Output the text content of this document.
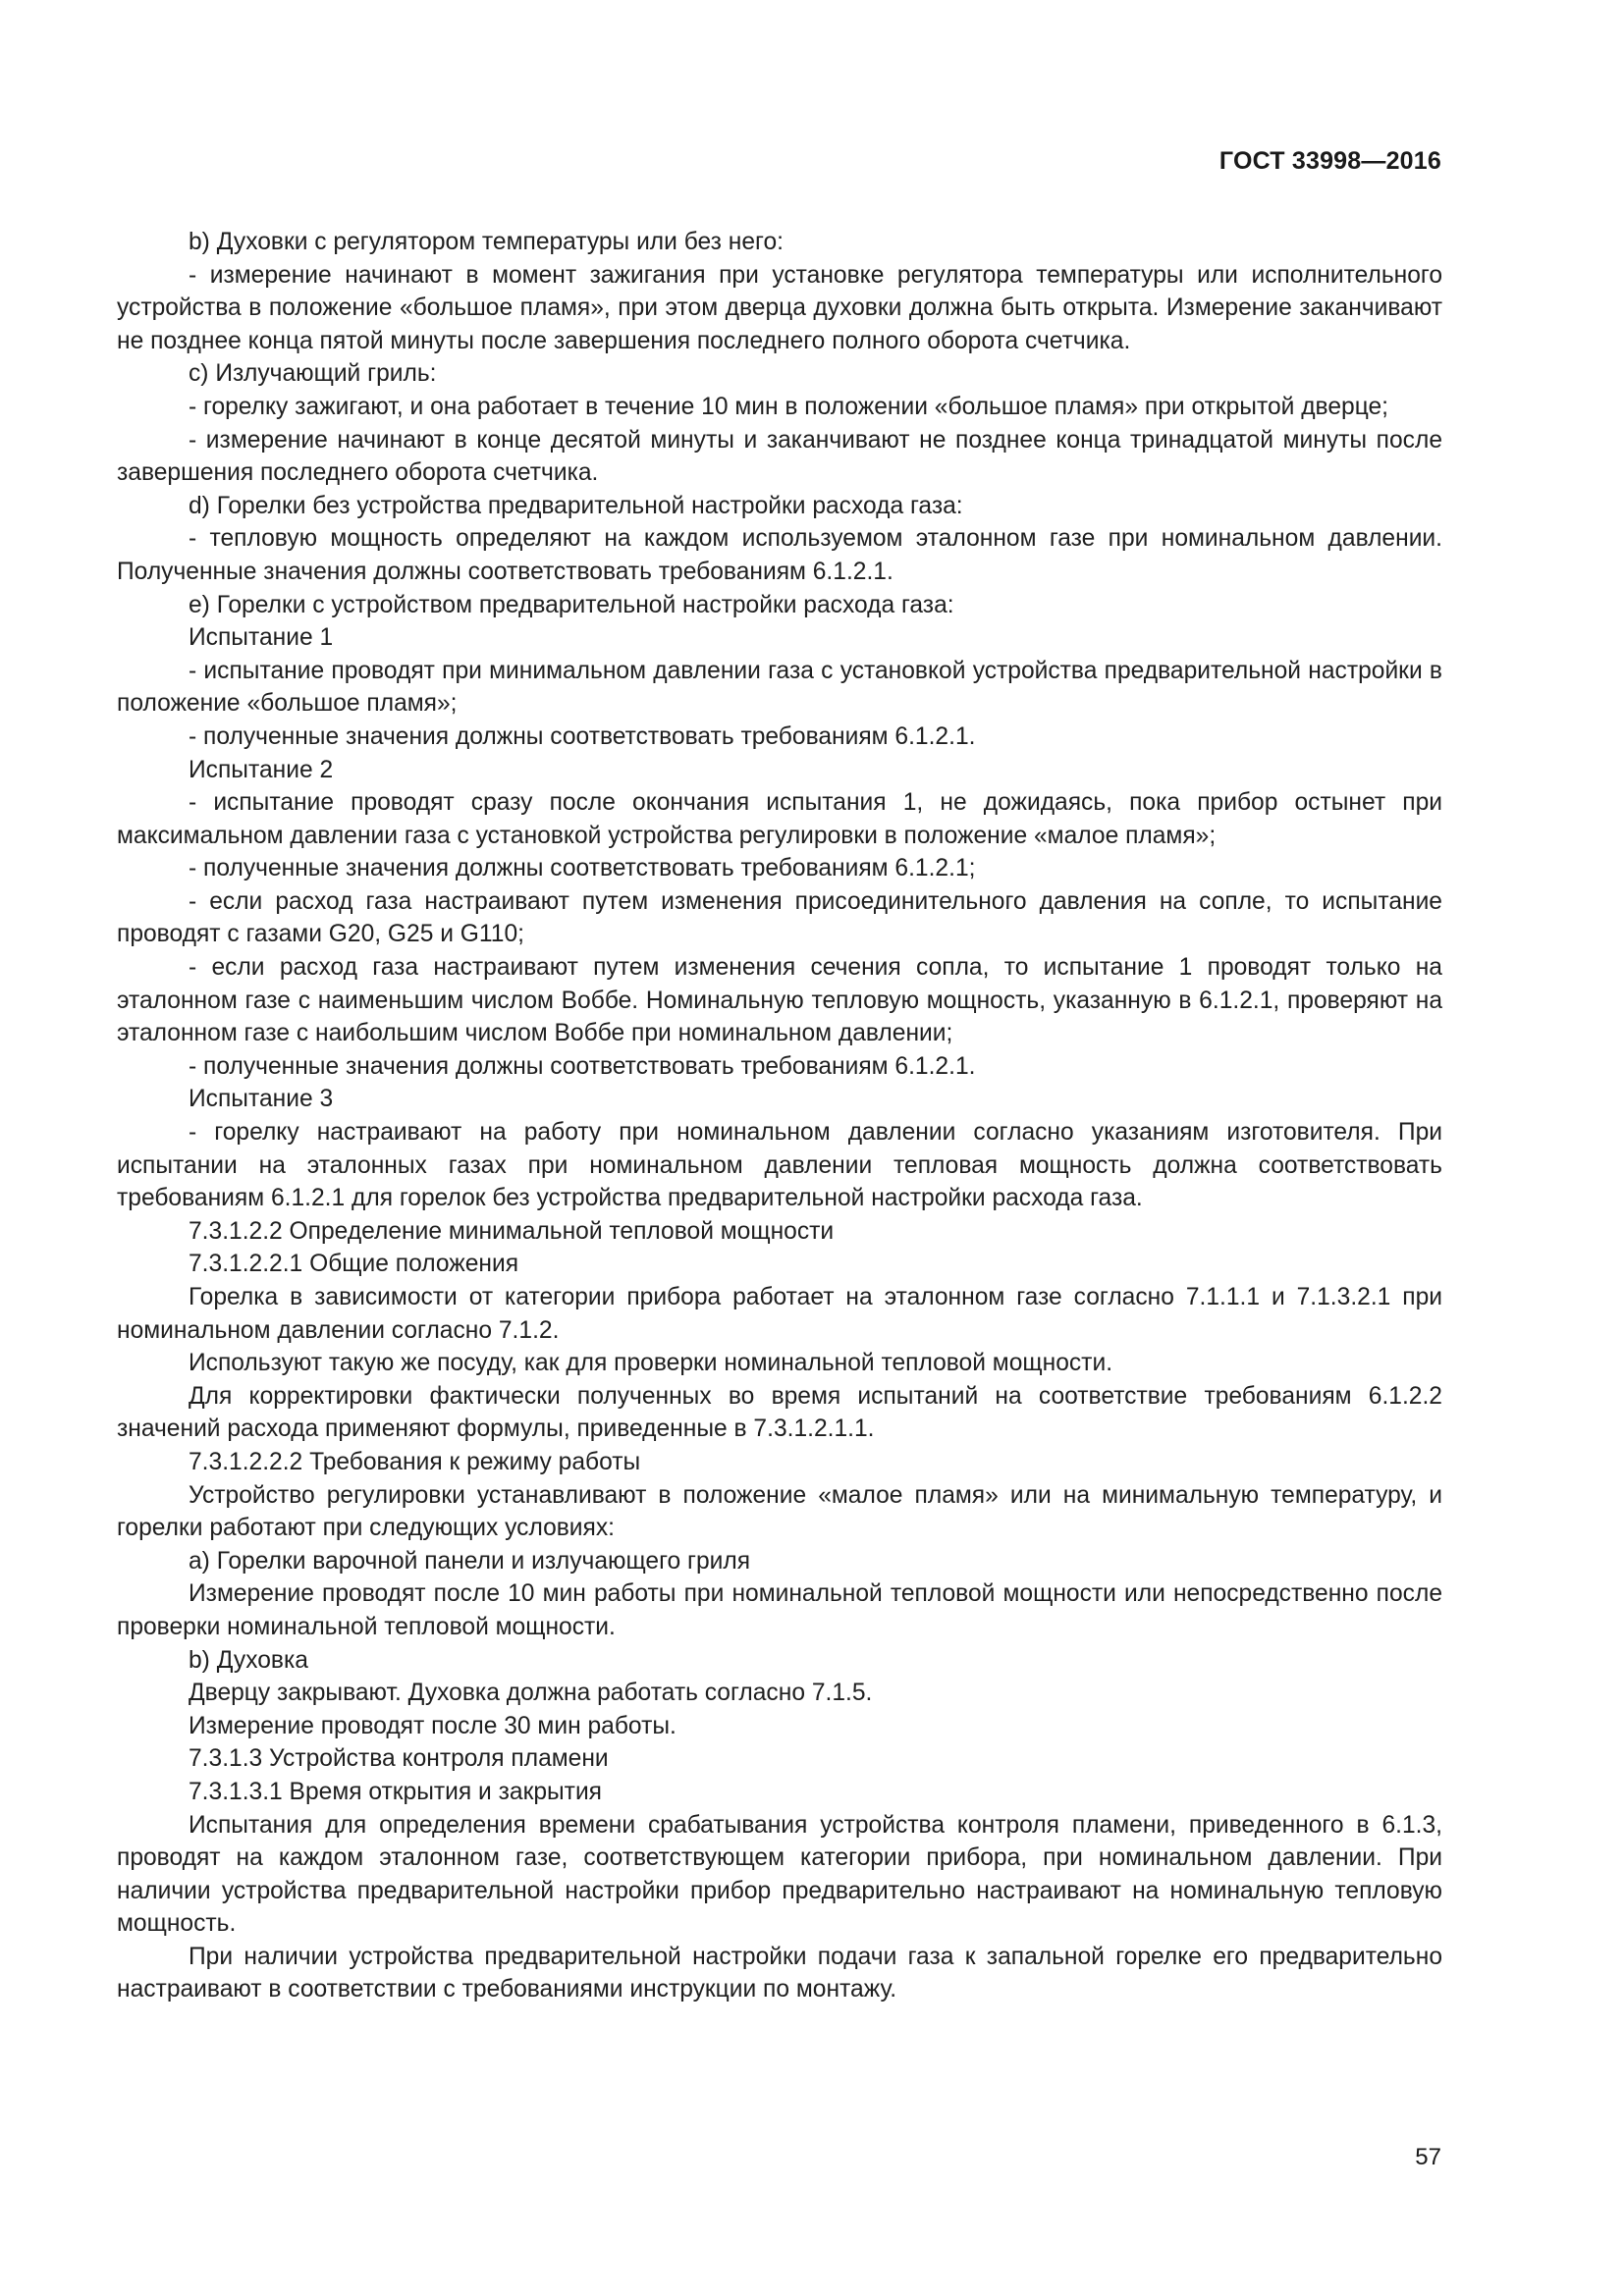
ГОСТ 33998—2016

b) Духовки с регулятором температуры или без него:

- измерение начинают в момент зажигания при установке регулятора температуры или исполнительного устройства в положение «большое пламя», при этом дверца духовки должна быть открыта. Измерение заканчивают не позднее конца пятой минуты после завершения последнего полного оборота счетчика.

c) Излучающий гриль:

- горелку зажигают, и она работает в течение 10 мин в положении «большое пламя» при открытой дверце;

- измерение начинают в конце десятой минуты и заканчивают не позднее конца тринадцатой минуты после завершения последнего оборота счетчика.

d) Горелки без устройства предварительной настройки расхода газа:

- тепловую мощность определяют на каждом используемом эталонном газе при номинальном давлении. Полученные значения должны соответствовать требованиям 6.1.2.1.

e) Горелки с устройством предварительной настройки расхода газа:

Испытание 1

- испытание проводят при минимальном давлении газа с установкой устройства предварительной настройки в положение «большое пламя»;

- полученные значения должны соответствовать требованиям 6.1.2.1.

Испытание 2

- испытание проводят сразу после окончания испытания 1, не дожидаясь, пока прибор остынет при максимальном давлении газа с установкой устройства регулировки в положение «малое пламя»;

- полученные значения должны соответствовать требованиям 6.1.2.1;

- если расход газа настраивают путем изменения присоединительного давления на сопле, то испытание проводят с газами G20, G25 и G110;

- если расход газа настраивают путем изменения сечения сопла, то испытание 1 проводят только на эталонном газе с наименьшим числом Воббе. Номинальную тепловую мощность, указанную в 6.1.2.1, проверяют на эталонном газе с наибольшим числом Воббе при номинальном давлении;

- полученные значения должны соответствовать требованиям 6.1.2.1.

Испытание 3

- горелку настраивают на работу при номинальном давлении согласно указаниям изготовителя. При испытании на эталонных газах при номинальном давлении тепловая мощность должна соответствовать требованиям 6.1.2.1 для горелок без устройства предварительной настройки расхода газа.

7.3.1.2.2 Определение минимальной тепловой мощности

7.3.1.2.2.1 Общие положения

Горелка в зависимости от категории прибора работает на эталонном газе согласно 7.1.1.1 и 7.1.3.2.1 при номинальном давлении согласно 7.1.2.

Используют такую же посуду, как для проверки номинальной тепловой мощности.

Для корректировки фактически полученных во время испытаний на соответствие требованиям 6.1.2.2 значений расхода применяют формулы, приведенные в 7.3.1.2.1.1.

7.3.1.2.2.2 Требования к режиму работы

Устройство регулировки устанавливают в положение «малое пламя» или на минимальную температуру, и горелки работают при следующих условиях:

a) Горелки варочной панели и излучающего гриля

Измерение проводят после 10 мин работы при номинальной тепловой мощности или непосредственно после проверки номинальной тепловой мощности.

b) Духовка

Дверцу закрывают. Духовка должна работать согласно 7.1.5.

Измерение проводят после 30 мин работы.

7.3.1.3 Устройства контроля пламени

7.3.1.3.1 Время открытия и закрытия

Испытания для определения времени срабатывания устройства контроля пламени, приведенного в 6.1.3, проводят на каждом эталонном газе, соответствующем категории прибора, при номинальном давлении. При наличии устройства предварительной настройки прибор предварительно настраивают на номинальную тепловую мощность.

При наличии устройства предварительной настройки подачи газа к запальной горелке его предварительно настраивают в соответствии с требованиями инструкции по монтажу.

57
